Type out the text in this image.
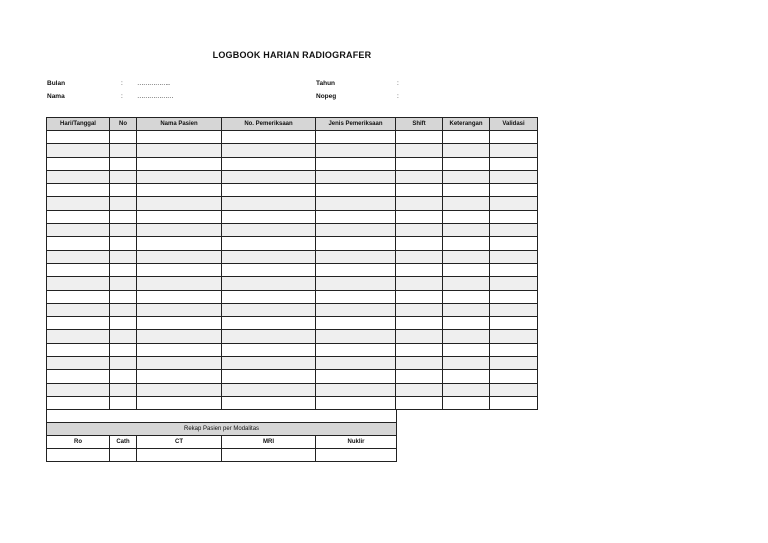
LOGBOOK HARIAN RADIOGRAFER
Bulan	: ……………..
Nama	: ………………
Tahun	:
Nopeg	:
Hari/Tanggal	No	Nama Pasien	No. Pemeriksaan	Jenis Pemeriksaan	Shift	Keterangan	Validasi

Rekap Pasien per Modalitas				
Ro	Cath	CT	MRI	Nuklir
